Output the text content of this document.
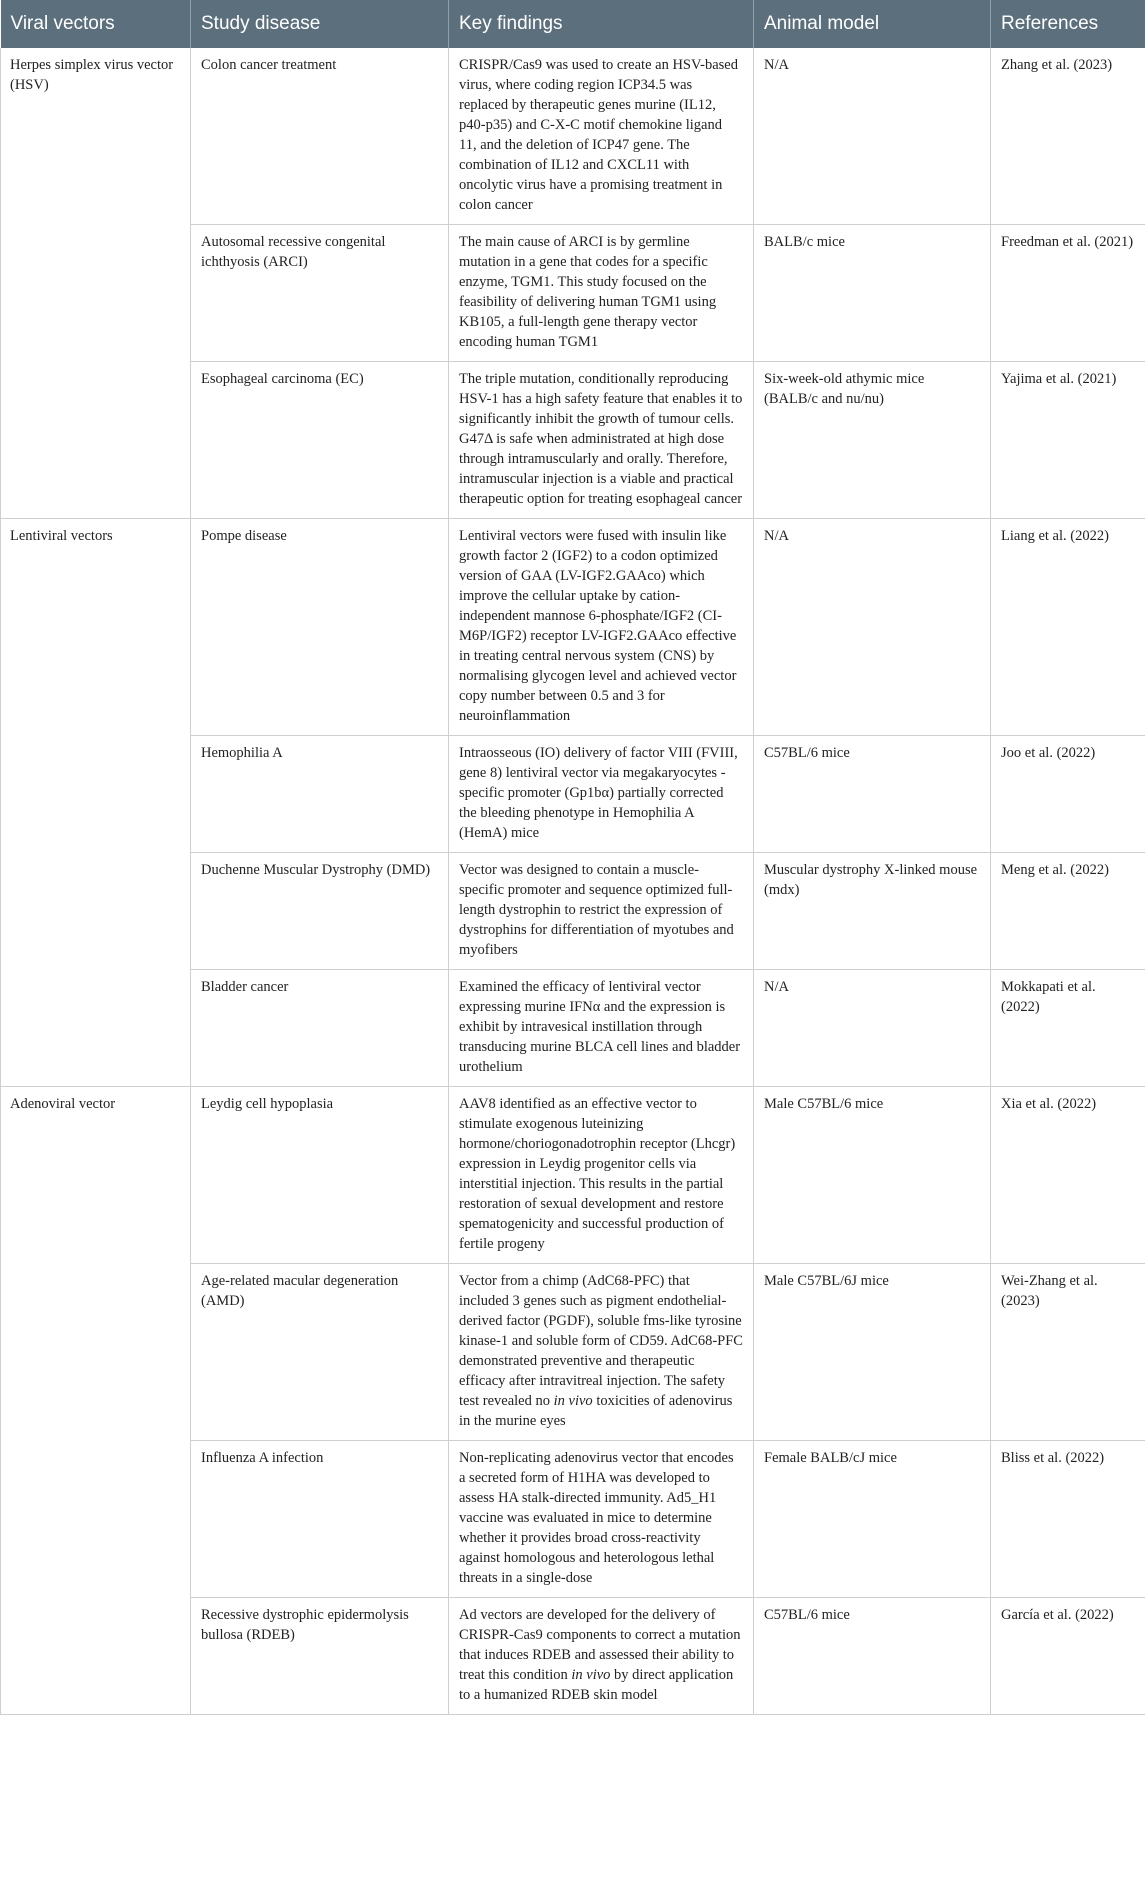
Viral vectors	Study disease	Key findings	Animal model	References
Herpes simplex virus vector (HSV)	Colon cancer treatment	CRISPR/Cas9 was used to create an HSV-based virus, where coding region ICP34.5 was replaced by therapeutic genes murine (IL12, p40-p35) and C-X-C motif chemokine ligand 11, and the deletion of ICP47 gene. The combination of IL12 and CXCL11 with oncolytic virus have a promising treatment in colon cancer	N/A	Zhang et al. (2023)
	Autosomal recessive congenital ichthyosis (ARCI)	The main cause of ARCI is by germline mutation in a gene that codes for a specific enzyme, TGM1. This study focused on the feasibility of delivering human TGM1 using KB105, a full-length gene therapy vector encoding human TGM1	BALB/c mice	Freedman et al. (2021)
	Esophageal carcinoma (EC)	The triple mutation, conditionally reproducing HSV-1 has a high safety feature that enables it to significantly inhibit the growth of tumour cells. G47Δ is safe when administrated at high dose through intramuscularly and orally. Therefore, intramuscular injection is a viable and practical therapeutic option for treating esophageal cancer	Six-week-old athymic mice (BALB/c and nu/nu)	Yajima et al. (2021)
Lentiviral vectors	Pompe disease	Lentiviral vectors were fused with insulin like growth factor 2 (IGF2) to a codon optimized version of GAA (LV-IGF2.GAAco) which improve the cellular uptake by cation-independent mannose 6-phosphate/IGF2 (CI-M6P/IGF2) receptor LV-IGF2.GAAco effective in treating central nervous system (CNS) by normalising glycogen level and achieved vector copy number between 0.5 and 3 for neuroinflammation	N/A	Liang et al. (2022)
	Hemophilia A	Intraosseous (IO) delivery of factor VIII (FVIII, gene 8) lentiviral vector via megakaryocytes -specific promoter (Gp1bα) partially corrected the bleeding phenotype in Hemophilia A (HemA) mice	C57BL/6 mice	Joo et al. (2022)
	Duchenne Muscular Dystrophy (DMD)	Vector was designed to contain a muscle-specific promoter and sequence optimized full-length dystrophin to restrict the expression of dystrophins for differentiation of myotubes and myofibers	Muscular dystrophy X-linked mouse (mdx)	Meng et al. (2022)
	Bladder cancer	Examined the efficacy of lentiviral vector expressing murine IFNα and the expression is exhibit by intravesical instillation through transducing murine BLCA cell lines and bladder urothelium	N/A	Mokkapati et al. (2022)
Adenoviral vector	Leydig cell hypoplasia	AAV8 identified as an effective vector to stimulate exogenous luteinizing hormone/choriogonadotrophin receptor (Lhcgr) expression in Leydig progenitor cells via interstitial injection. This results in the partial restoration of sexual development and restore spematogenicity and successful production of fertile progeny	Male C57BL/6 mice	Xia et al. (2022)
	Age-related macular degeneration (AMD)	Vector from a chimp (AdC68-PFC) that included 3 genes such as pigment endothelial-derived factor (PGDF), soluble fms-like tyrosine kinase-1 and soluble form of CD59. AdC68-PFC demonstrated preventive and therapeutic efficacy after intravitreal injection. The safety test revealed no in vivo toxicities of adenovirus in the murine eyes	Male C57BL/6J mice	Wei-Zhang et al. (2023)
	Influenza A infection	Non-replicating adenovirus vector that encodes a secreted form of H1HA was developed to assess HA stalk-directed immunity. Ad5_H1 vaccine was evaluated in mice to determine whether it provides broad cross-reactivity against homologous and heterologous lethal threats in a single-dose	Female BALB/cJ mice	Bliss et al. (2022)
	Recessive dystrophic epidermolysis bullosa (RDEB)	Ad vectors are developed for the delivery of CRISPR-Cas9 components to correct a mutation that induces RDEB and assessed their ability to treat this condition in vivo by direct application to a humanized RDEB skin model	C57BL/6 mice	García et al. (2022)
